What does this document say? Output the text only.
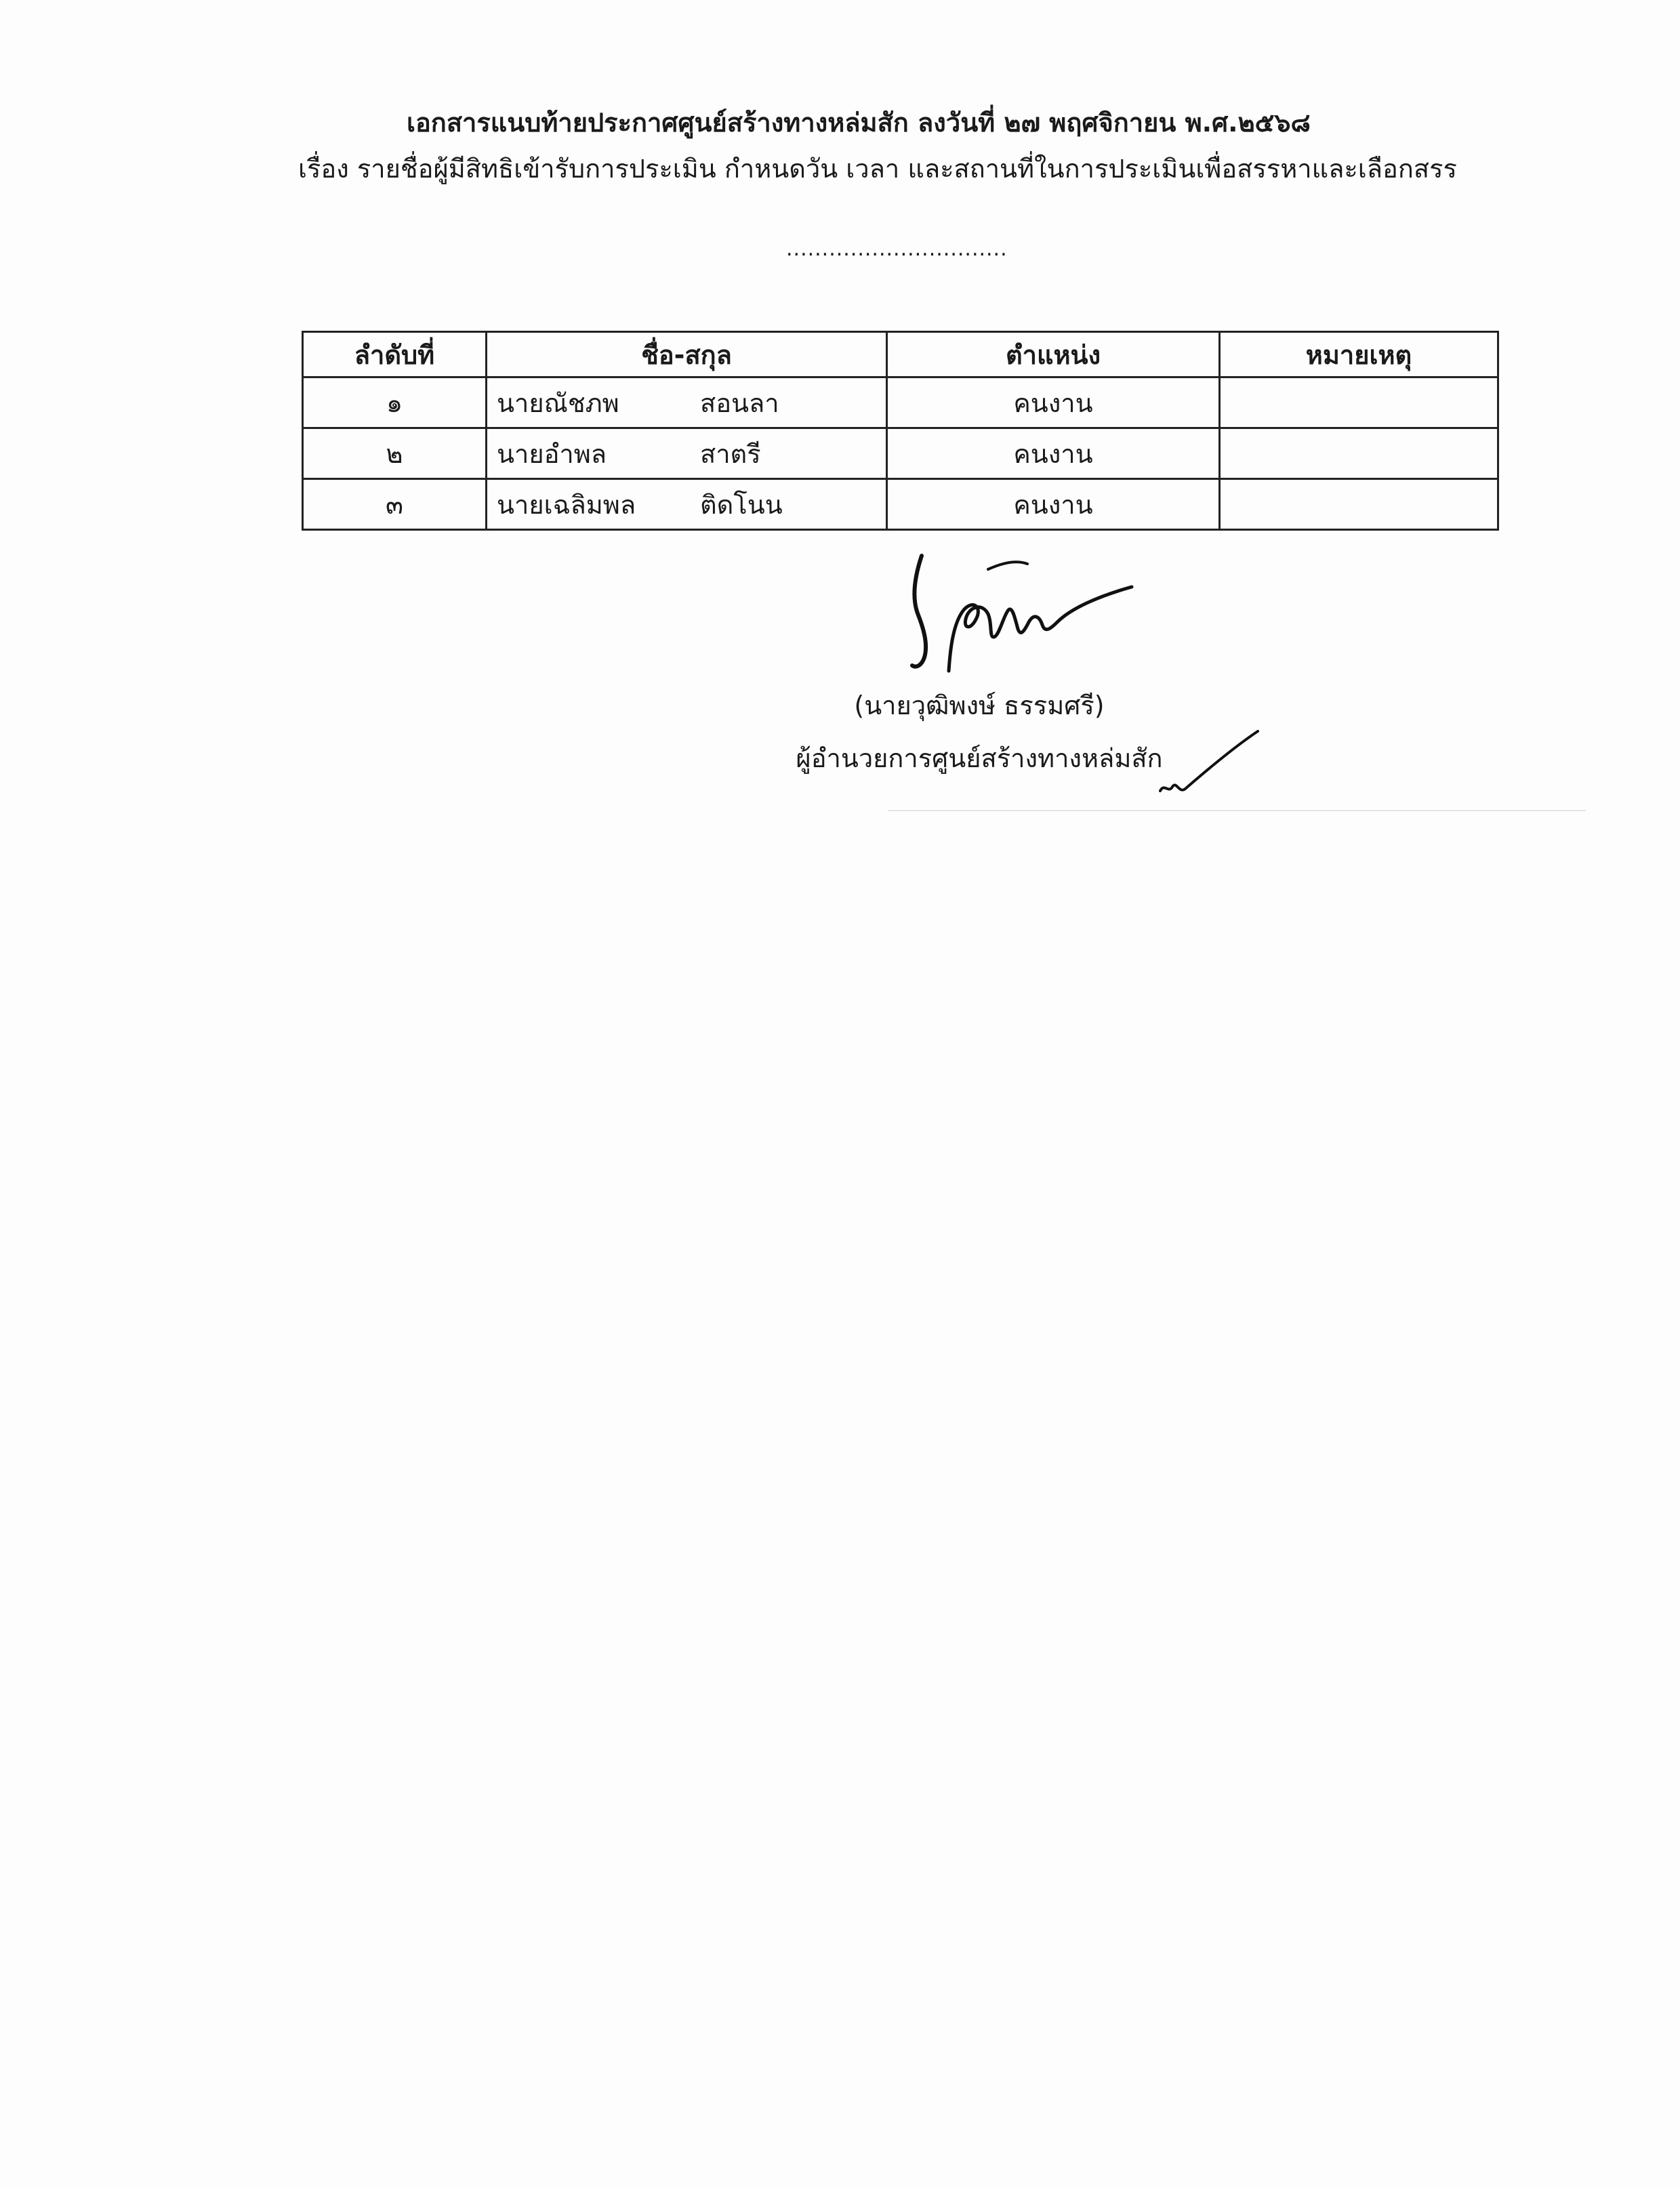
เอกสารแนบท้ายประกาศศูนย์สร้างทางหล่มสัก ลงวันที่ ๒๗ พฤศจิกายน พ.ศ.๒๕๖๘
เรื่อง รายชื่อผู้มีสิทธิเข้ารับการประเมิน กำหนดวัน เวลา และสถานที่ในการประเมินเพื่อสรรหาและเลือกสรร
...............................
ลำดับที่	ชื่อ-สกุล	ตำแหน่ง	หมายเหตุ
๑	นายณัชภพ สอนลา	คนงาน	
๒	นายอำพล สาตรี	คนงาน	
๓	นายเฉลิมพล ติดโนน	คนงาน	
(นายวุฒิพงษ์ ธรรมศรี)
ผู้อำนวยการศูนย์สร้างทางหล่มสัก
